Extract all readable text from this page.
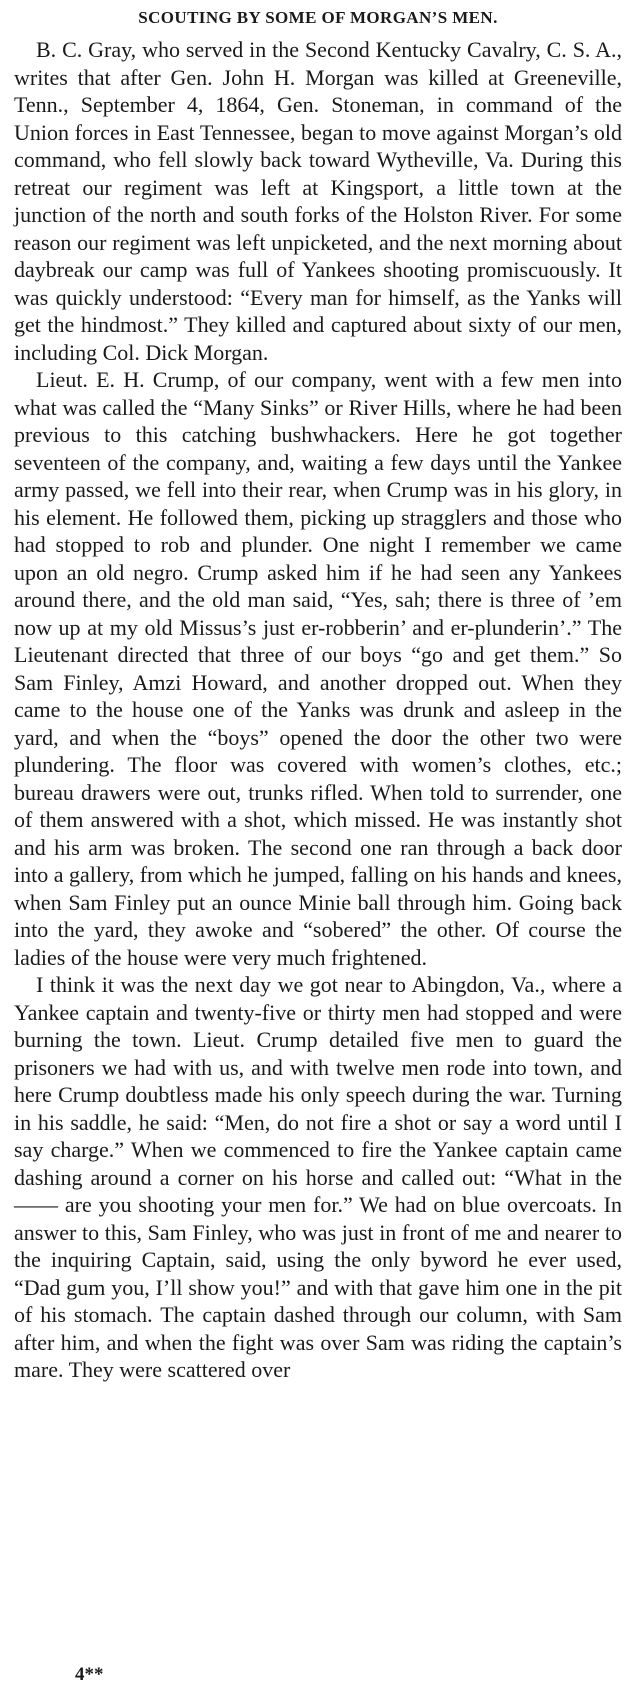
SCOUTING BY SOME OF MORGAN’S MEN.

B. C. Gray, who served in the Second Kentucky Cavalry, C. S. A., writes that after Gen. John H. Morgan was killed at Greeneville, Tenn., September 4, 1864, Gen. Stoneman, in command of the Union forces in East Tennessee, began to move against Morgan’s old command, who fell slowly back toward Wytheville, Va. During this retreat our regiment was left at Kingsport, a little town at the junction of the north and south forks of the Holston River. For some reason our regiment was left unpicketed, and the next morning about daybreak our camp was full of Yankees shooting promiscuously. It was quickly understood: “Every man for himself, as the Yanks will get the hindmost.” They killed and captured about sixty of our men, including Col. Dick Morgan.

Lieut. E. H. Crump, of our company, went with a few men into what was called the “Many Sinks” or River Hills, where he had been previous to this catching bushwhackers. Here he got together seventeen of the company, and, waiting a few days until the Yankee army passed, we fell into their rear, when Crump was in his glory, in his element. He followed them, picking up stragglers and those who had stopped to rob and plunder. One night I remember we came upon an old negro. Crump asked him if he had seen any Yankees around there, and the old man said, “Yes, sah; there is three of ’em now up at my old Missus’s just er-robberin’ and er-plunderin’.” The Lieutenant directed that three of our boys “go and get them.” So Sam Finley, Amzi Howard, and another dropped out. When they came to the house one of the Yanks was drunk and asleep in the yard, and when the “boys” opened the door the other two were plundering. The floor was covered with women’s clothes, etc.; bureau drawers were out, trunks rifled. When told to surrender, one of them answered with a shot, which missed. He was instantly shot and his arm was broken. The second one ran through a back door into a gallery, from which he jumped, falling on his hands and knees, when Sam Finley put an ounce Minie ball through him. Going back into the yard, they awoke and “sobered” the other. Of course the ladies of the house were very much frightened.

I think it was the next day we got near to Abingdon, Va., where a Yankee captain and twenty-five or thirty men had stopped and were burning the town. Lieut. Crump detailed five men to guard the prisoners we had with us, and with twelve men rode into town, and here Crump doubtless made his only speech during the war. Turning in his saddle, he said: “Men, do not fire a shot or say a word until I say charge.” When we commenced to fire the Yankee captain came dashing around a corner on his horse and called out: “What in the —— are you shooting your men for.” We had on blue overcoats. In answer to this, Sam Finley, who was just in front of me and nearer to the inquiring Captain, said, using the only byword he ever used, “Dad gum you, I’ll show you!” and with that gave him one in the pit of his stomach. The captain dashed through our column, with Sam after him, and when the fight was over Sam was riding the captain’s mare. They were scattered over

4**
